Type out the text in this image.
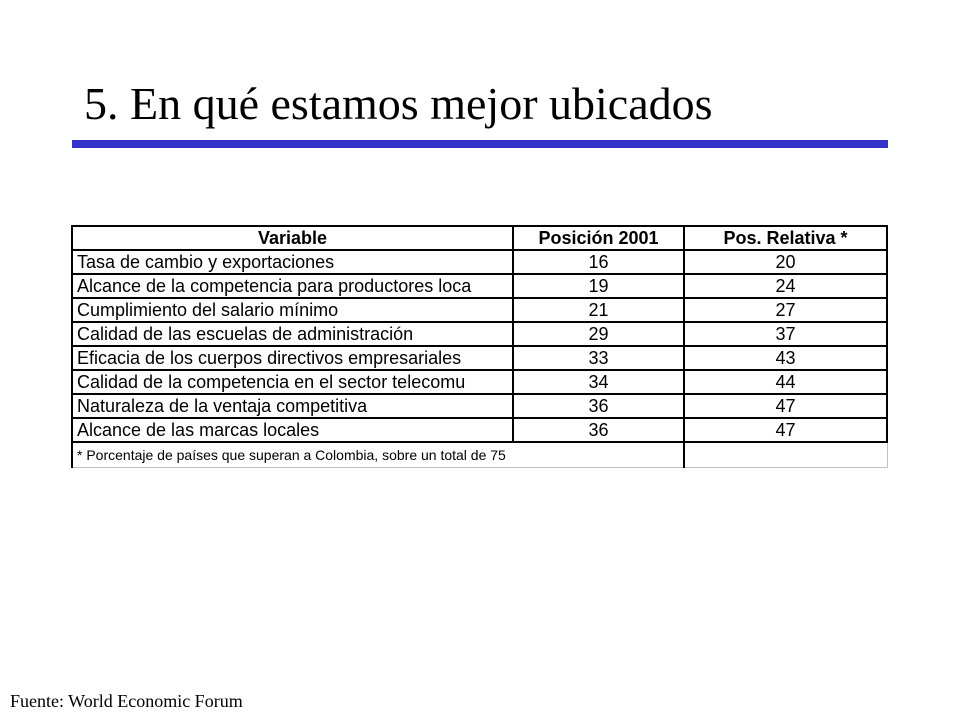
5. En qué estamos mejor ubicados
Variable	Posición 2001	Pos. Relativa *
Tasa de cambio y exportaciones	16	20
Alcance de la competencia para productores loca	19	24
Cumplimiento del salario mínimo	21	27
Calidad de las escuelas de administración	29	37
Eficacia de los cuerpos directivos empresariales	33	43
Calidad de la competencia en el sector telecomu	34	44
Naturaleza de la ventaja competitiva	36	47
Alcance de las marcas locales	36	47
* Porcentaje de países que superan a Colombia, sobre un total de 75		

Fuente: World Economic Forum
